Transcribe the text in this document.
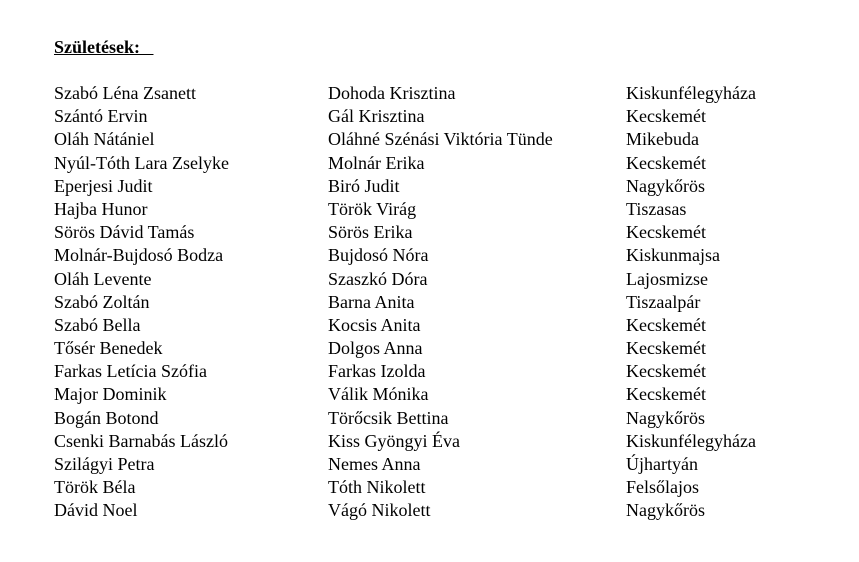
Születések:
Szabó Léna Zsanett	Dohoda Krisztina	Kiskunfélegyháza
Szántó Ervin	Gál Krisztina	Kecskemét
Oláh Nátániel	Oláhné Szénási Viktória Tünde	Mikebuda
Nyúl-Tóth Lara Zselyke	Molnár Erika	Kecskemét
Eperjesi Judit	Biró Judit	Nagykőrös
Hajba Hunor	Török Virág	Tiszasas
Sörös Dávid Tamás	Sörös Erika	Kecskemét
Molnár-Bujdosó Bodza	Bujdosó Nóra	Kiskunmajsa
Oláh Levente	Szaszkó Dóra	Lajosmizse
Szabó Zoltán	Barna Anita	Tiszaalpár
Szabó Bella	Kocsis Anita	Kecskemét
Tősér Benedek	Dolgos Anna	Kecskemét
Farkas Letícia Szófia	Farkas Izolda	Kecskemét
Major Dominik	Válik Mónika	Kecskemét
Bogán Botond	Törőcsik Bettina	Nagykőrös
Csenki Barnabás László	Kiss Gyöngyi Éva	Kiskunfélegyháza
Szilágyi Petra	Nemes Anna	Újhartyán
Török Béla	Tóth Nikolett	Felsőlajos
Dávid Noel	Vágó Nikolett	Nagykőrös
